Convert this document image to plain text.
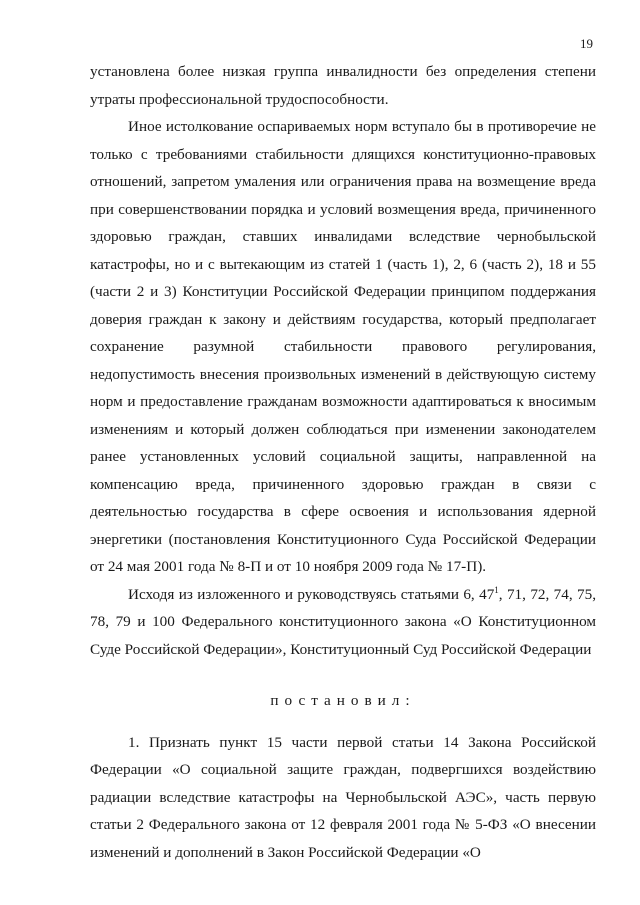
19

установлена более низкая группа инвалидности без определения степени утраты профессиональной трудоспособности.

Иное истолкование оспариваемых норм вступало бы в противоречие не только с требованиями стабильности длящихся конституционно-правовых отношений, запретом умаления или ограничения права на возмещение вреда при совершенствовании порядка и условий возмещения вреда, причиненного здоровью граждан, ставших инвалидами вследствие чернобыльской катастрофы, но и с вытекающим из статей 1 (часть 1), 2, 6 (часть 2), 18 и 55 (части 2 и 3) Конституции Российской Федерации принципом поддержания доверия граждан к закону и действиям государства, который предполагает сохранение разумной стабильности правового регулирования, недопустимость внесения произвольных изменений в действующую систему норм и предоставление гражданам возможности адаптироваться к вносимым изменениям и который должен соблюдаться при изменении законодателем ранее установленных условий социальной защиты, направленной на компенсацию вреда, причиненного здоровью граждан в связи с деятельностью государства в сфере освоения и использования ядерной энергетики (постановления Конституционного Суда Российской Федерации от 24 мая 2001 года № 8-П и от 10 ноября 2009 года № 17-П).

Исходя из изложенного и руководствуясь статьями 6, $47^1$, 71, 72, 74, 75, 78, 79 и 100 Федерального конституционного закона «О Конституционном Суде Российской Федерации», Конституционный Суд Российской Федерации

постановил:

1. Признать пункт 15 части первой статьи 14 Закона Российской Федерации «О социальной защите граждан, подвергшихся воздействию радиации вследствие катастрофы на Чернобыльской АЭС», часть первую статьи 2 Федерального закона от 12 февраля 2001 года № 5-ФЗ «О внесении изменений и дополнений в Закон Российской Федерации «О
